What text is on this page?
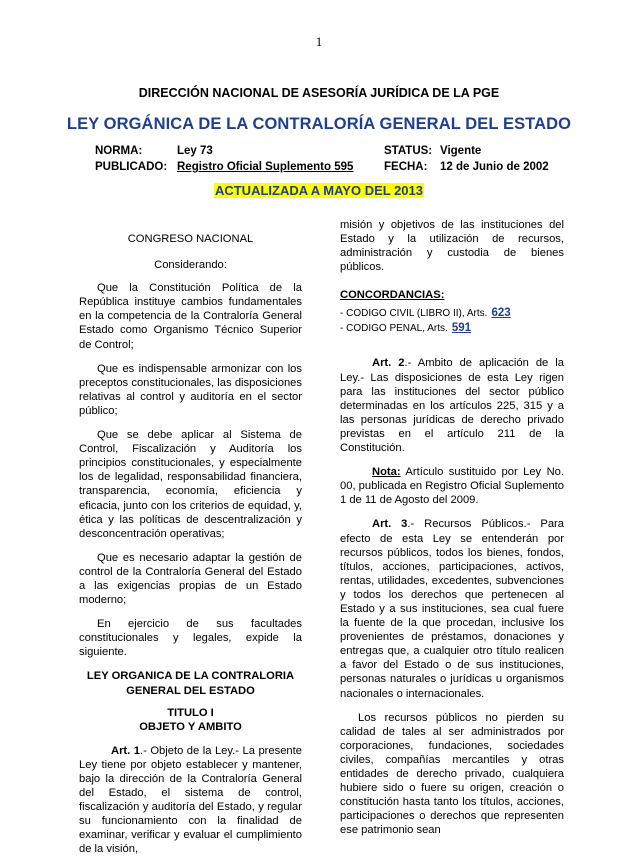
1
DIRECCIÓN NACIONAL DE ASESORÍA JURÍDICA DE LA PGE
LEY ORGÁNICA DE LA CONTRALORÍA GENERAL DEL ESTADO
NORMA:	Ley 73
PUBLICADO: Registro Oficial Suplemento 595
STATUS: Vigente
FECHA: 12 de Junio de 2002
ACTUALIZADA A MAYO DEL 2013

CONGRESO NACIONAL

Considerando:

Que la Constitución Política de la República instituye cambios fundamentales en la competencia de la Contraloría General Estado como Organismo Técnico Superior de Control;

Que es indispensable armonizar con los preceptos constitucionales, las disposiciones relativas al control y auditoría en el sector público;

Que se debe aplicar al Sistema de Control, Fiscalización y Auditoría los principios constitucionales, y especialmente los de legalidad, responsabilidad financiera, transparencia, economía, eficiencia y eficacia, junto con los criterios de equidad, y, ética y las políticas de descentralización y desconcentración operativas;

Que es necesario adaptar la gestión de control de la Contraloría General del Estado a las exigencias propias de un Estado moderno;

En ejercicio de sus facultades constitucionales y legales, expide la siguiente.

LEY ORGANICA DE LA CONTRALORIA GENERAL DEL ESTADO

TITULO I

OBJETO Y AMBITO

Art. 1.- Objeto de la Ley.- La presente Ley tiene por objeto establecer y mantener, bajo la dirección de la Contraloría General del Estado, el sistema de control, fiscalización y auditoría del Estado, y regular su funcionamiento con la finalidad de examinar, verificar y evaluar el cumplimiento de la visión,

misión y objetivos de las instituciones del Estado y la utilización de recursos, administración y custodia de bienes públicos.

CONCORDANCIAS:

- CODIGO CIVIL (LIBRO II), Arts. 623
- CODIGO PENAL, Arts. 591

Art. 2.- Ambito de aplicación de la Ley.- Las disposiciones de esta Ley rigen para las instituciones del sector público determinadas en los artículos 225, 315 y a las personas jurídicas de derecho privado previstas en el artículo 211 de la Constitución.

Nota: Artículo sustituido por Ley No. 00, publicada en Registro Oficial Suplemento 1 de 11 de Agosto del 2009.

Art. 3.- Recursos Públicos.- Para efecto de esta Ley se entenderán por recursos públicos, todos los bienes, fondos, títulos, acciones, participaciones, activos, rentas, utilidades, excedentes, subvenciones y todos los derechos que pertenecen al Estado y a sus instituciones, sea cual fuere la fuente de la que procedan, inclusive los provenientes de préstamos, donaciones y entregas que, a cualquier otro título realicen a favor del Estado o de sus instituciones, personas naturales o jurídicas u organismos nacionales o internacionales.

Los recursos públicos no pierden su calidad de tales al ser administrados por corporaciones, fundaciones, sociedades civiles, compañías mercantiles y otras entidades de derecho privado, cualquiera hubiere sido o fuere su origen, creación o constitución hasta tanto los títulos, acciones, participaciones o derechos que representen ese patrimonio sean
